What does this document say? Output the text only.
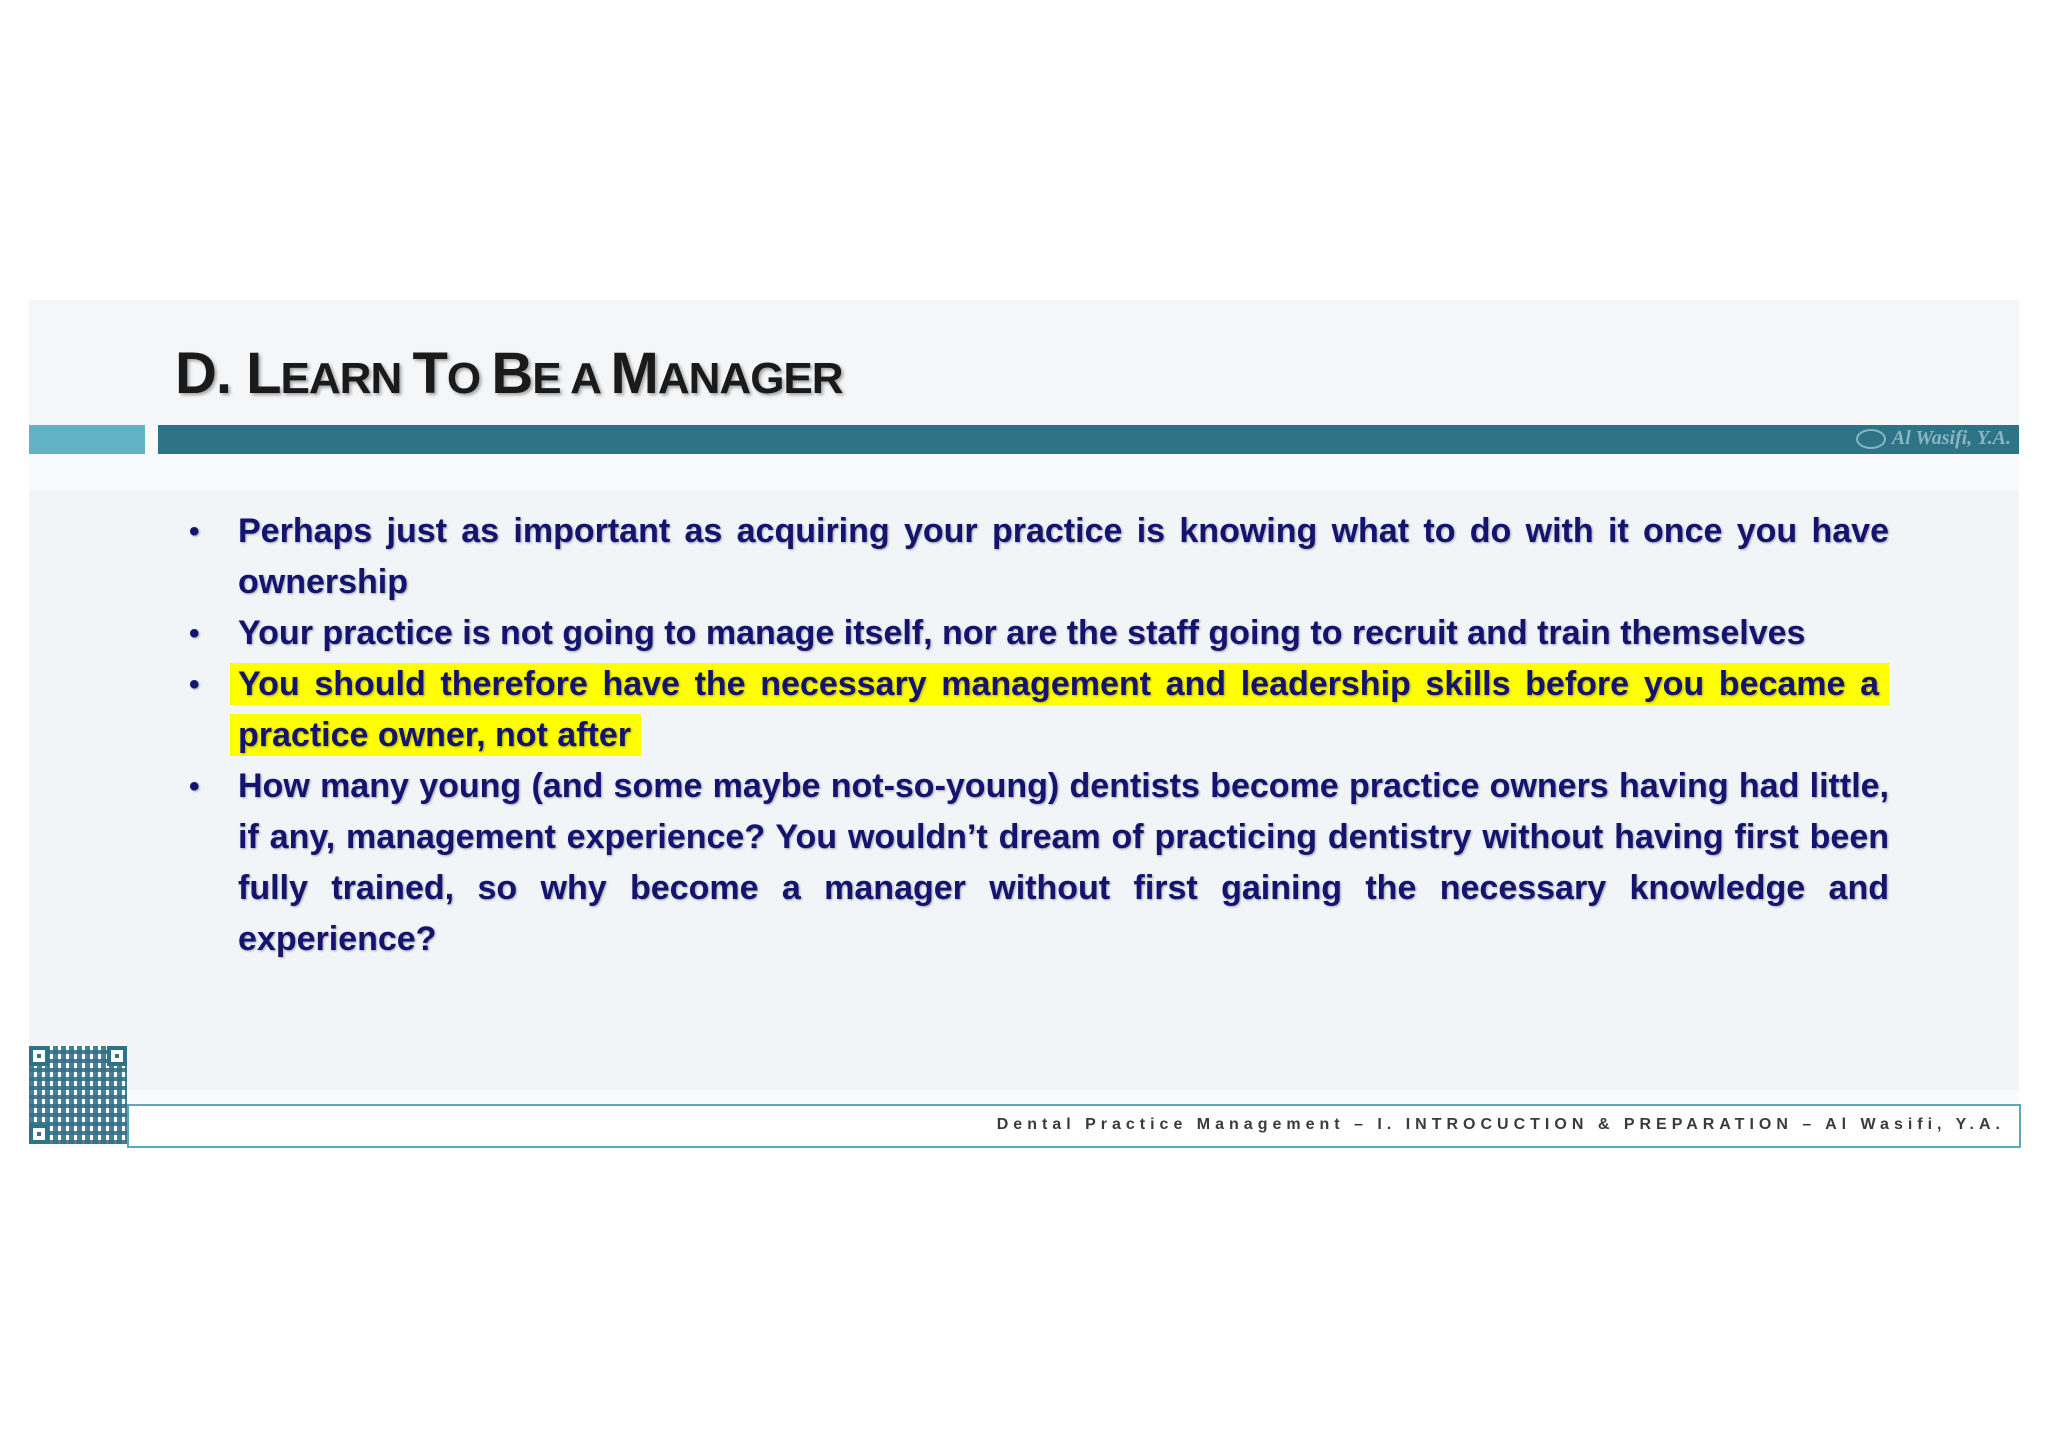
D. LEARN TO BE A MANAGER
Al Wasifi, Y.A.
• Perhaps just as important as acquiring your practice is knowing what to do with it once you have ownership
• Your practice is not going to manage itself, nor are the staff going to recruit and train themselves
• You should therefore have the necessary management and leadership skills before you became a practice owner, not after
• How many young (and some maybe not-so-young) dentists become practice owners having had little, if any, management experience? You wouldn’t dream of practicing dentistry without having first been fully trained, so why become a manager without first gaining the necessary knowledge and experience?
Dental Practice Management – I. INTROCUCTION & PREPARATION – Al Wasifi, Y.A.
